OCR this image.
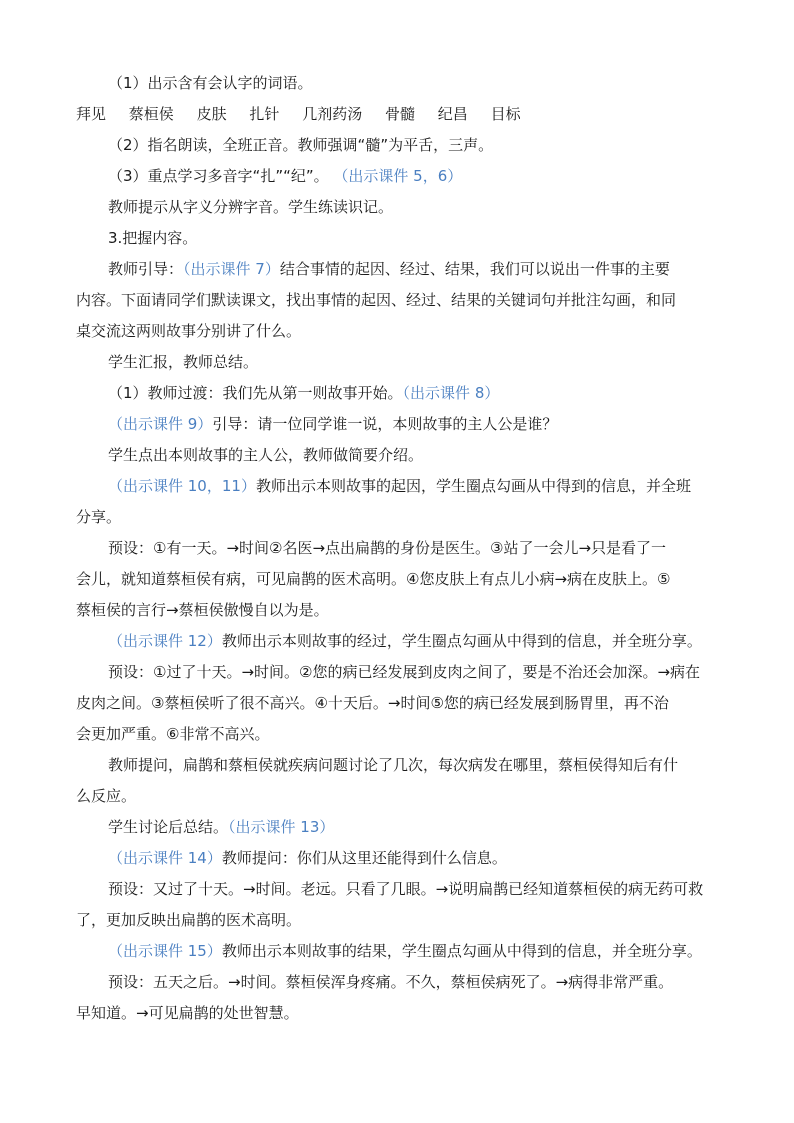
（1）出示含有会认字的词语。

拜见 蔡桓侯 皮肤 扎针 几剂药汤 骨髓 纪昌 目标

（2）指名朗读，全班正音。教师强调“髓”为平舌，三声。

（3）重点学习多音字“扎”“纪”。 （出示课件 5，6）

教师提示从字义分辨字音。学生练读识记。

3.把握内容。

教师引导：（出示课件 7）结合事情的起因、经过、结果，我们可以说出一件事的主要

内容。下面请同学们默读课文，找出事情的起因、经过、结果的关键词句并批注勾画，和同

桌交流这两则故事分别讲了什么。

学生汇报，教师总结。

（1）教师过渡：我们先从第一则故事开始。（出示课件 8）

（出示课件 9）引导：请一位同学谁一说，本则故事的主人公是谁？

学生点出本则故事的主人公，教师做简要介绍。

（出示课件 10，11）教师出示本则故事的起因，学生圈点勾画从中得到的信息，并全班

分享。

预设：①有一天。→时间②名医→点出扁鹊的身份是医生。③站了一会儿→只是看了一

会儿，就知道蔡桓侯有病，可见扁鹊的医术高明。④您皮肤上有点儿小病→病在皮肤上。⑤

蔡桓侯的言行→蔡桓侯傲慢自以为是。

（出示课件 12）教师出示本则故事的经过，学生圈点勾画从中得到的信息，并全班分享。

预设：①过了十天。→时间。②您的病已经发展到皮肉之间了，要是不治还会加深。→病在

皮肉之间。③蔡桓侯听了很不高兴。④十天后。→时间⑤您的病已经发展到肠胃里，再不治

会更加严重。⑥非常不高兴。

教师提问，扁鹊和蔡桓侯就疾病问题讨论了几次，每次病发在哪里，蔡桓侯得知后有什

么反应。

学生讨论后总结。（出示课件 13）

（出示课件 14）教师提问：你们从这里还能得到什么信息。

预设：又过了十天。→时间。老远。只看了几眼。→说明扁鹊已经知道蔡桓侯的病无药可救

了，更加反映出扁鹊的医术高明。

（出示课件 15）教师出示本则故事的结果，学生圈点勾画从中得到的信息，并全班分享。

预设：五天之后。→时间。蔡桓侯浑身疼痛。不久，蔡桓侯病死了。→病得非常严重。

早知道。→可见扁鹊的处世智慧。
